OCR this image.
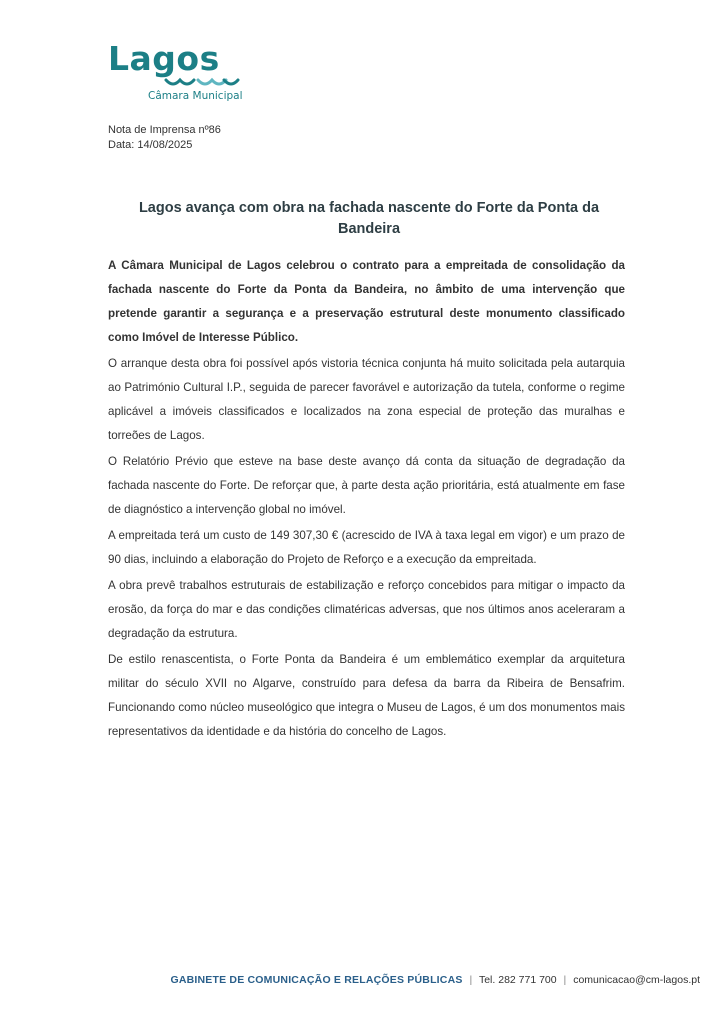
Lagos
Câmara Municipal
Nota de Imprensa nº86
Data: 14/08/2025
Lagos avança com obra na fachada nascente do Forte da Ponta da Bandeira

A Câmara Municipal de Lagos celebrou o contrato para a empreitada de consolidação da fachada nascente do Forte da Ponta da Bandeira, no âmbito de uma intervenção que pretende garantir a segurança e a preservação estrutural deste monumento classificado como Imóvel de Interesse Público.

O arranque desta obra foi possível após vistoria técnica conjunta há muito solicitada pela autarquia ao Património Cultural I.P., seguida de parecer favorável e autorização da tutela, conforme o regime aplicável a imóveis classificados e localizados na zona especial de proteção das muralhas e torreões de Lagos.

O Relatório Prévio que esteve na base deste avanço dá conta da situação de degradação da fachada nascente do Forte. De reforçar que, à parte desta ação prioritária, está atualmente em fase de diagnóstico a intervenção global no imóvel.

A empreitada terá um custo de 149 307,30 € (acrescido de IVA à taxa legal em vigor) e um prazo de 90 dias, incluindo a elaboração do Projeto de Reforço e a execução da empreitada.

A obra prevê trabalhos estruturais de estabilização e reforço concebidos para mitigar o impacto da erosão, da força do mar e das condições climatéricas adversas, que nos últimos anos aceleraram a degradação da estrutura.

De estilo renascentista, o Forte Ponta da Bandeira é um emblemático exemplar da arquitetura militar do século XVII no Algarve, construído para defesa da barra da Ribeira de Bensafrim. Funcionando como núcleo museológico que integra o Museu de Lagos, é um dos monumentos mais representativos da identidade e da história do concelho de Lagos.

GABINETE DE COMUNICAÇÃO E RELAÇÕES PÚBLICAS | Tel. 282 771 700 | comunicacao@cm-lagos.pt
